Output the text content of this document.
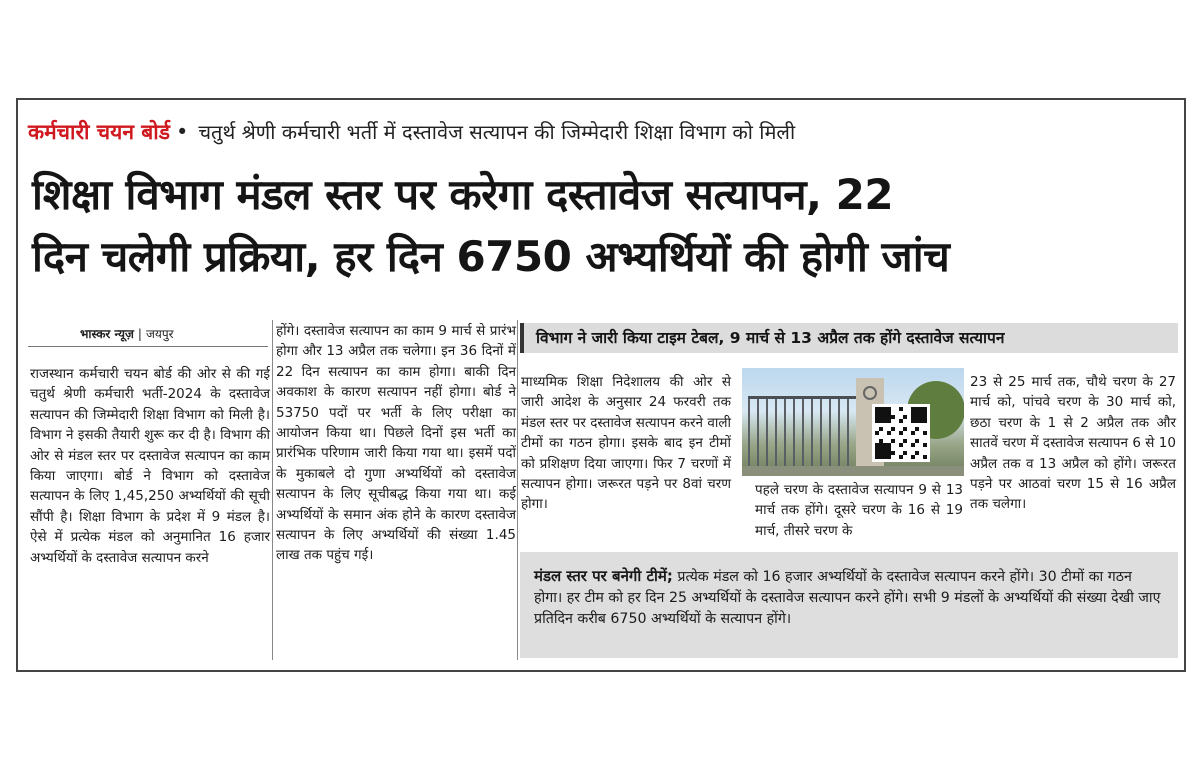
कर्मचारी चयन बोर्ड • चतुर्थ श्रेणी कर्मचारी भर्ती में दस्तावेज सत्यापन की जिम्मेदारी शिक्षा विभाग को मिली
शिक्षा विभाग मंडल स्तर पर करेगा दस्तावेज सत्यापन, 22
दिन चलेगी प्रक्रिया, हर दिन 6750 अभ्यर्थियों की होगी जांच
भास्कर न्यूज़ | जयपुर
राजस्थान कर्मचारी चयन बोर्ड की ओर से की गई चतुर्थ श्रेणी कर्मचारी भर्ती-2024 के दस्तावेज सत्यापन की जिम्मेदारी शिक्षा विभाग को मिली है। विभाग ने इसकी तैयारी शुरू कर दी है। विभाग की ओर से मंडल स्तर पर दस्तावेज सत्यापन का काम किया जाएगा। बोर्ड ने विभाग को दस्तावेज सत्यापन के लिए 1,45,250 अभ्यर्थियों की सूची सौंपी है। शिक्षा विभाग के प्रदेश में 9 मंडल है। ऐसे में प्रत्येक मंडल को अनुमानित 16 हजार अभ्यर्थियों के दस्तावेज सत्यापन करने
होंगे। दस्तावेज सत्यापन का काम 9 मार्च से प्रारंभ होगा और 13 अप्रैल तक चलेगा। इन 36 दिनों में 22 दिन सत्यापन का काम होगा। बाकी दिन अवकाश के कारण सत्यापन नहीं होगा। बोर्ड ने 53750 पदों पर भर्ती के लिए परीक्षा का आयोजन किया था। पिछले दिनों इस भर्ती का प्रारंभिक परिणाम जारी किया गया था। इसमें पदों के मुकाबले दो गुणा अभ्यर्थियों को दस्तावेज सत्यापन के लिए सूचीबद्ध किया गया था। कई अभ्यर्थियों के समान अंक होने के कारण दस्तावेज सत्यापन के लिए अभ्यर्थियों की संख्या 1.45 लाख तक पहुंच गई।
विभाग ने जारी किया टाइम टेबल, 9 मार्च से 13 अप्रैल तक होंगे दस्तावेज सत्यापन
माध्यमिक शिक्षा निदेशालय की ओर से जारी आदेश के अनुसार 24 फरवरी तक मंडल स्तर पर दस्तावेज सत्यापन करने वाली टीमों का गठन होगा। इसके बाद इन टीमों को प्रशिक्षण दिया जाएगा। फिर 7 चरणों में सत्यापन होगा। जरूरत पड़ने पर 8वां चरण होगा।
पहले चरण के दस्तावेज सत्यापन 9 से 13 मार्च तक होंगे। दूसरे चरण के 16 से 19 मार्च, तीसरे चरण के
23 से 25 मार्च तक, चौथे चरण के 27 मार्च को, पांचवे चरण के 30 मार्च को, छठा चरण के 1 से 2 अप्रैल तक और सातवें चरण में दस्तावेज सत्यापन 6 से 10 अप्रैल तक व 13 अप्रैल को होंगे। जरूरत पड़ने पर आठवां चरण 15 से 16 अप्रैल तक चलेगा।
मंडल स्तर पर बनेगी टीमें; प्रत्येक मंडल को 16 हजार अभ्यर्थियों के दस्तावेज सत्यापन करने होंगे। 30 टीमों का गठन होगा। हर टीम को हर दिन 25 अभ्यर्थियों के दस्तावेज सत्यापन करने होंगे। सभी 9 मंडलों के अभ्यर्थियों की संख्या देखी जाए प्रतिदिन करीब 6750 अभ्यर्थियों के सत्यापन होंगे।
